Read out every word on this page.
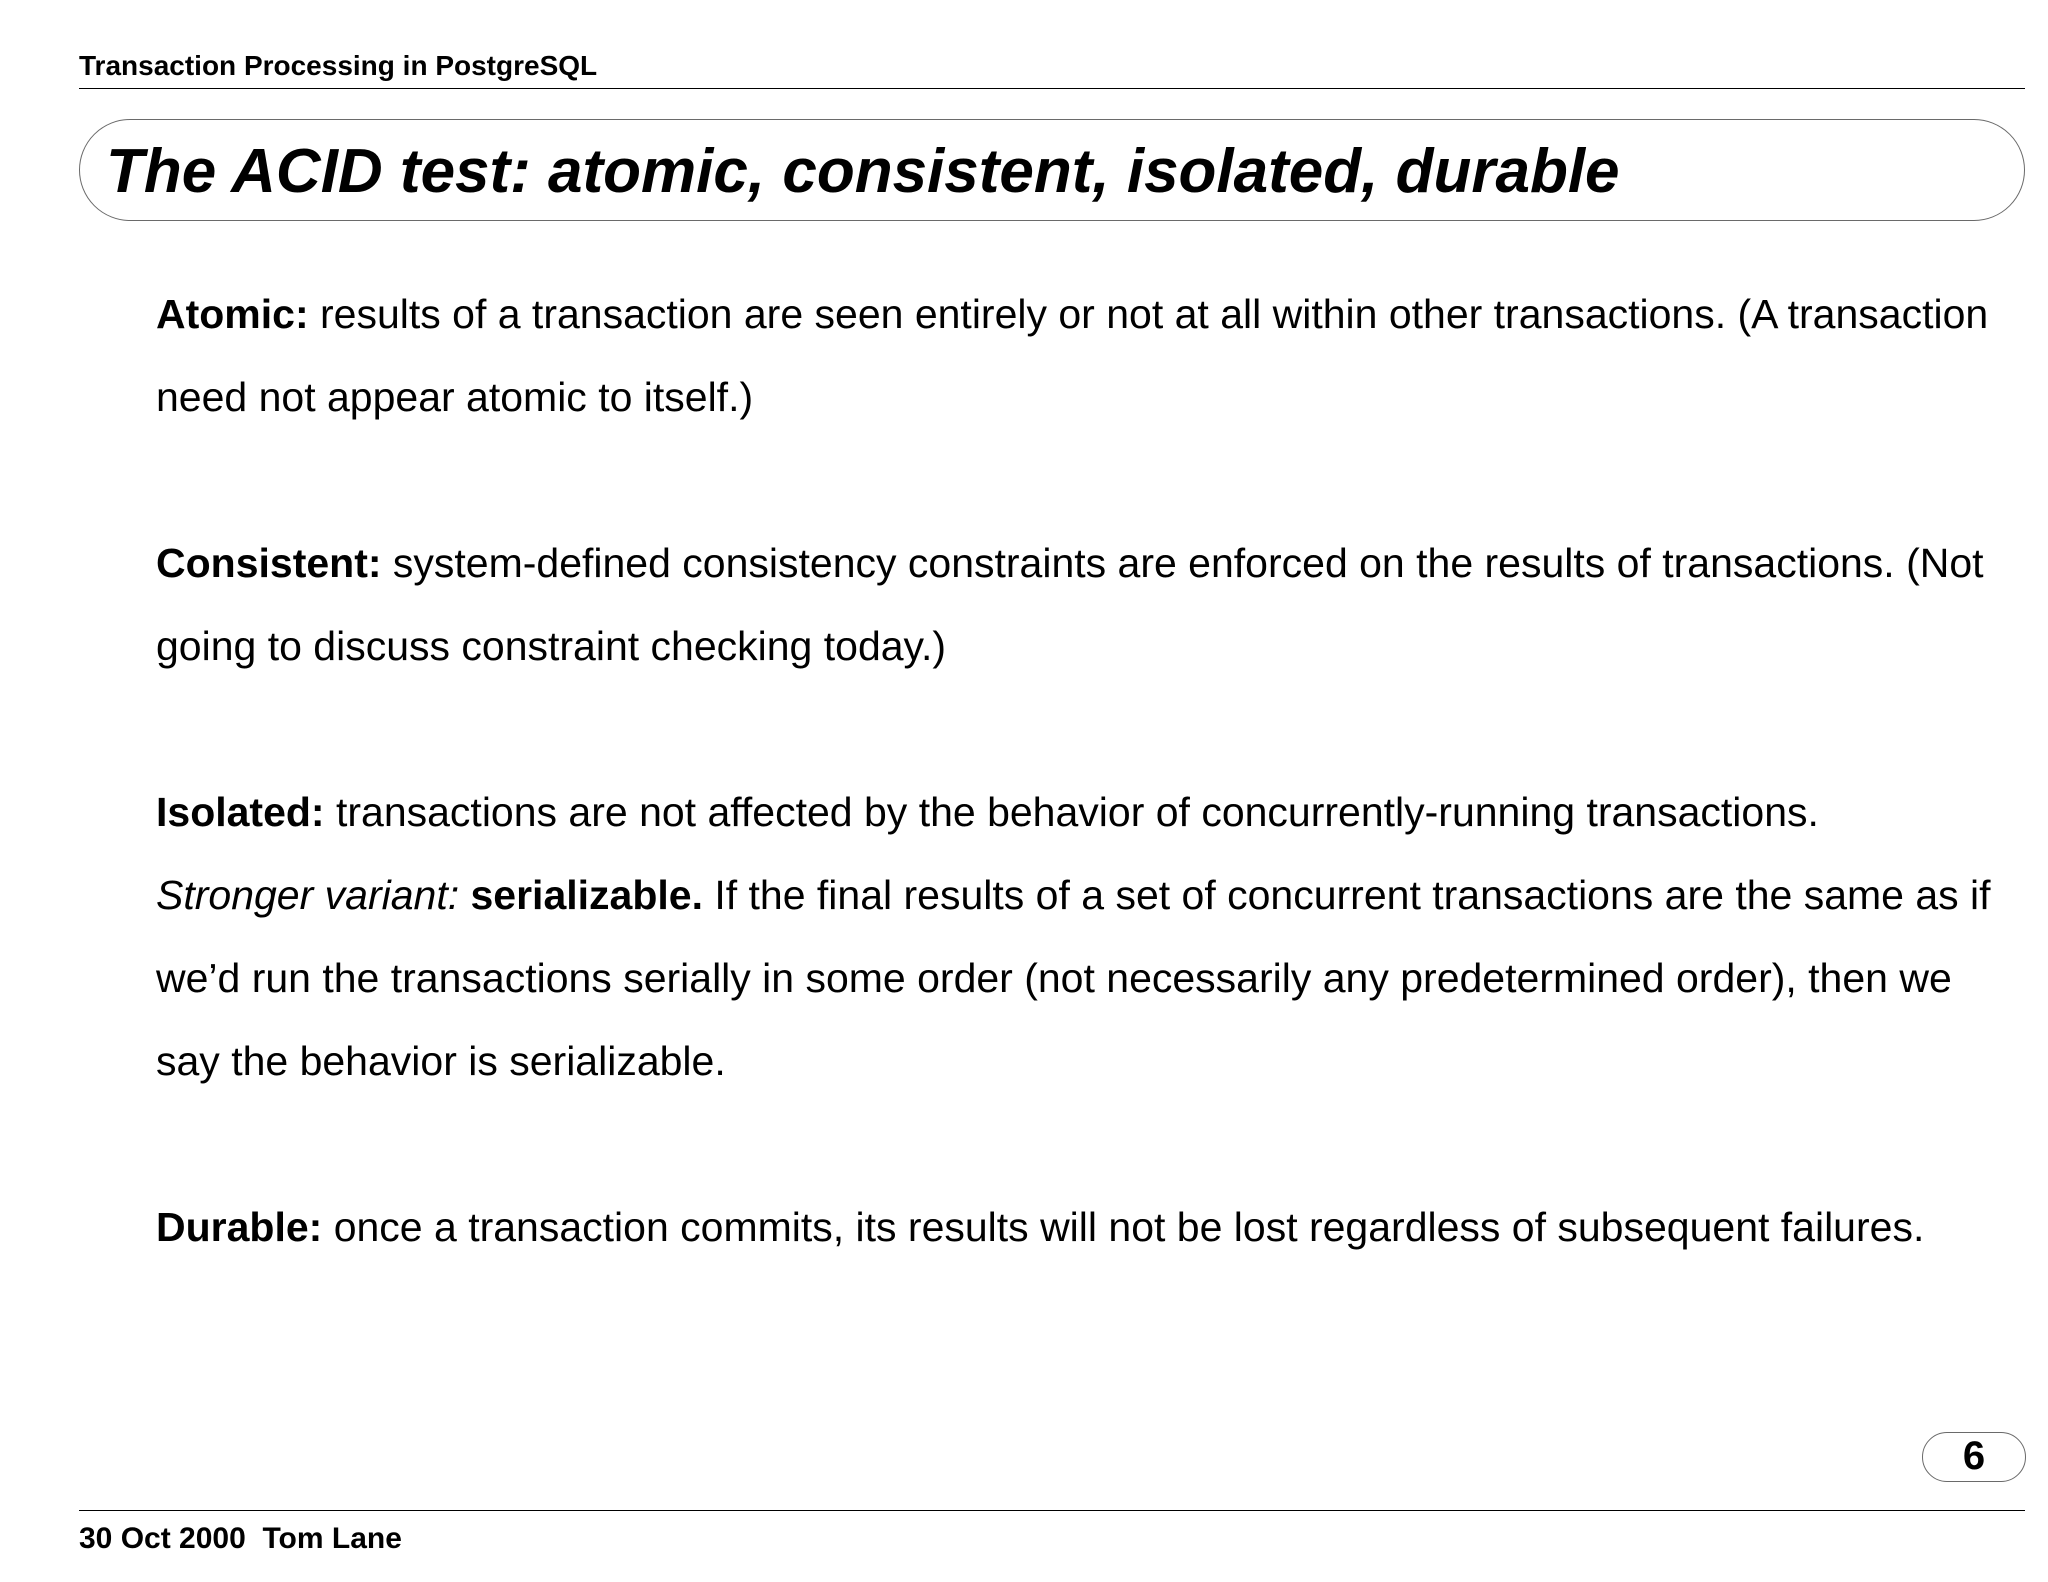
Transaction Processing in PostgreSQL
The ACID test: atomic, consistent, isolated, durable

Atomic: results of a transaction are seen entirely or not at all within other transactions. (A transaction need not appear atomic to itself.)

Consistent: system-defined consistency constraints are enforced on the results of transactions. (Not going to discuss constraint checking today.)

Isolated: transactions are not affected by the behavior of concurrently-running transactions.

Stronger variant: serializable. If the final results of a set of concurrent transactions are the same as if we’d run the transactions serially in some order (not necessarily any predetermined order), then we say the behavior is serializable.

Durable: once a transaction commits, its results will not be lost regardless of subsequent failures.

6
30 Oct 2000  Tom Lane
